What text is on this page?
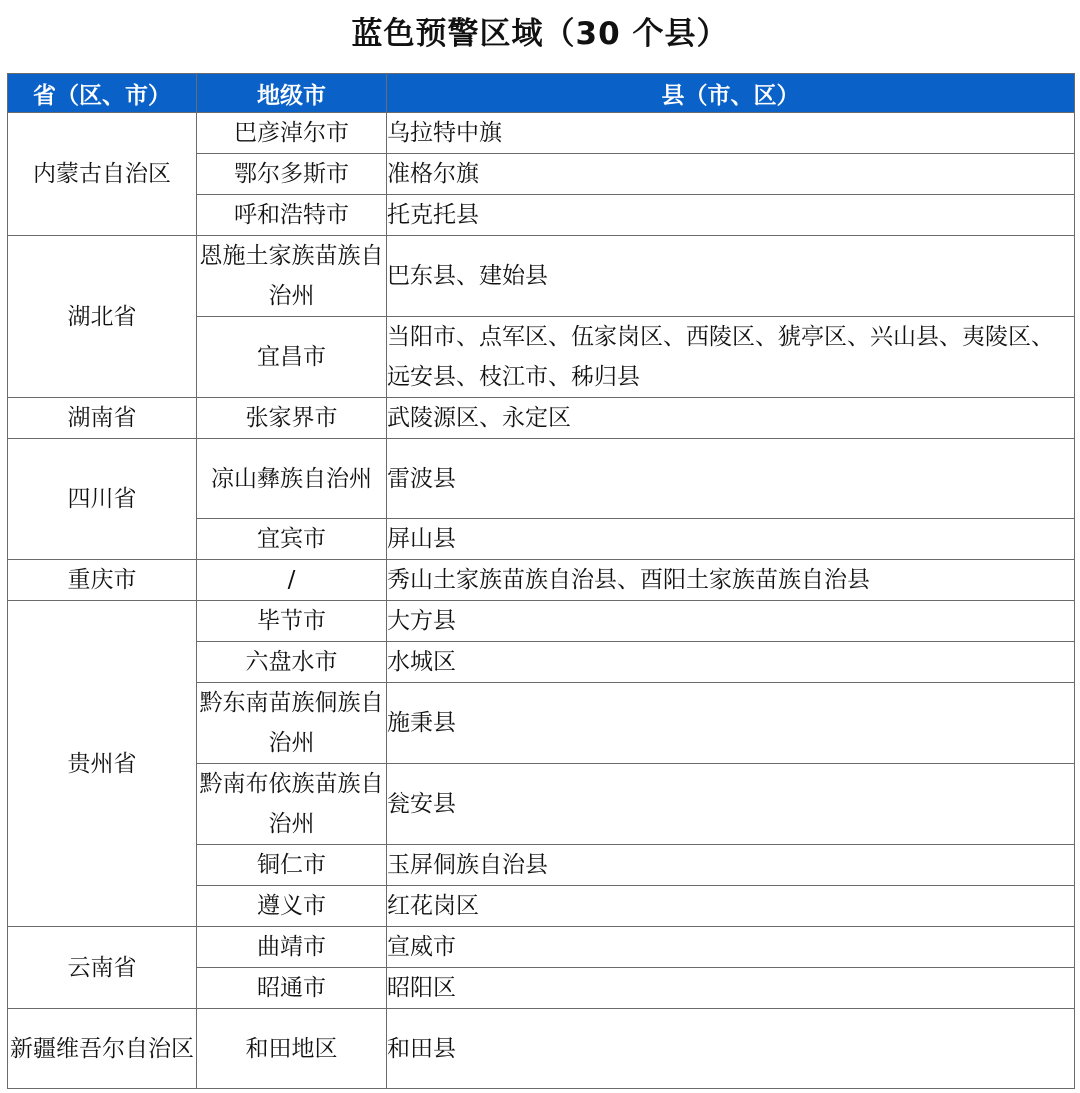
蓝色预警区域（30 个县）
省（区、市）	地级市	县（市、区）
内蒙古自治区	巴彦淖尔市	乌拉特中旗
	鄂尔多斯市	准格尔旗
	呼和浩特市	托克托县
湖北省	恩施土家族苗族自治州	巴东县、建始县
	宜昌市	当阳市、点军区、伍家岗区、西陵区、猇亭区、兴山县、夷陵区、远安县、枝江市、秭归县
湖南省	张家界市	武陵源区、永定区
四川省	凉山彝族自治州	雷波县
	宜宾市	屏山县
重庆市	/	秀山土家族苗族自治县、酉阳土家族苗族自治县
贵州省	毕节市	大方县
	六盘水市	水城区
	黔东南苗族侗族自治州	施秉县
	黔南布依族苗族自治州	瓮安县
	铜仁市	玉屏侗族自治县
	遵义市	红花岗区
云南省	曲靖市	宣威市
	昭通市	昭阳区
新疆维吾尔自治区	和田地区	和田县
